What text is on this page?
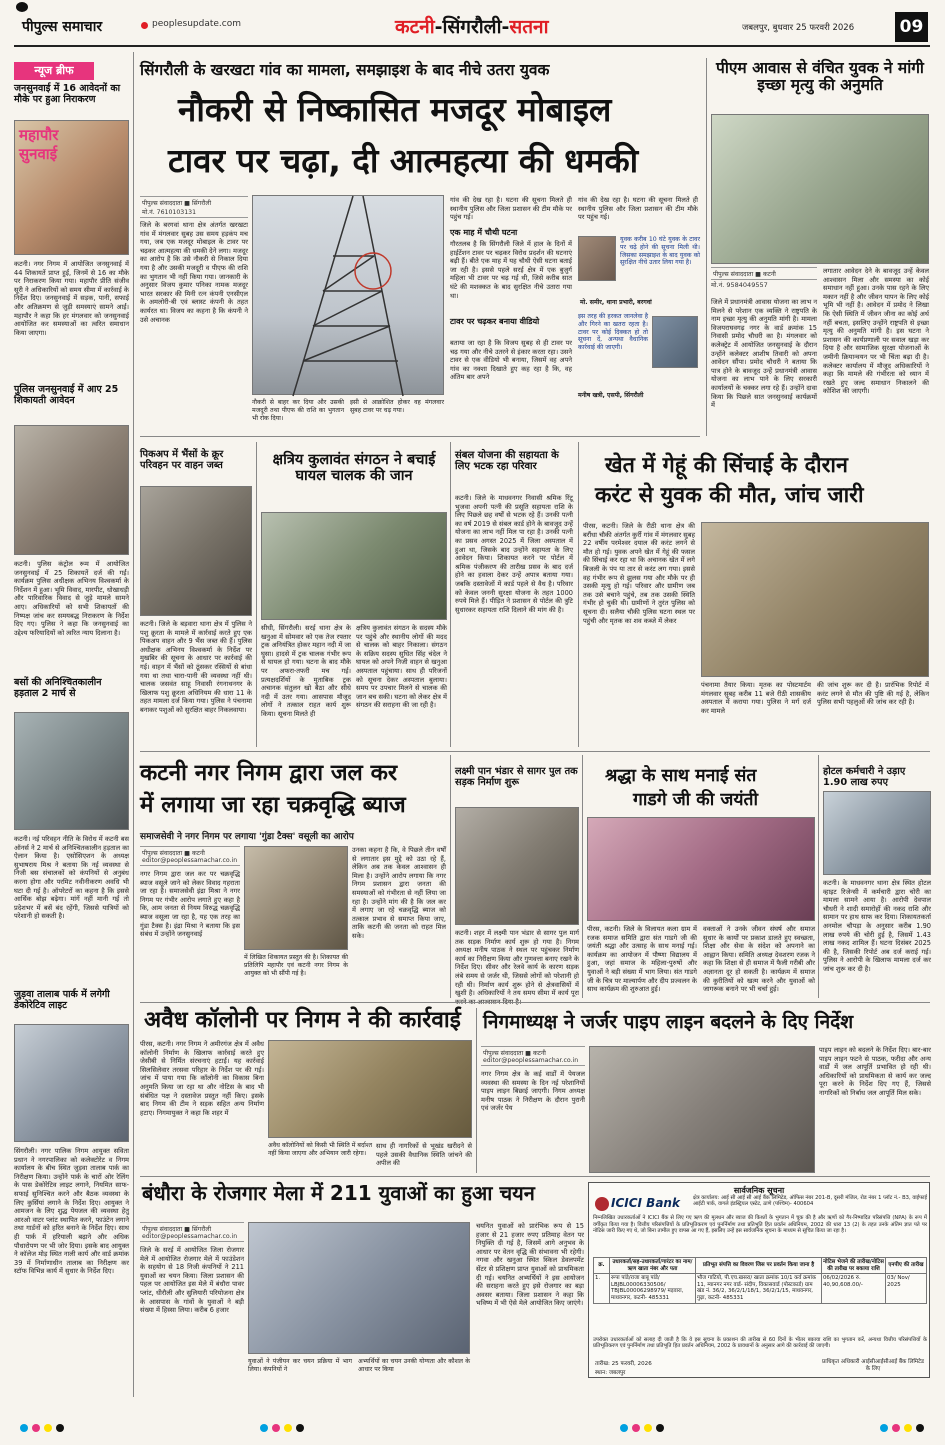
पीपुल्स समाचार	peoplesupdate.com	कटनी-सिंगरौली-सतना	जबलपुर, बुधवार 25 फरवरी 2026	09
न्यूज ब्रीफ
जनसुनवाई में 16 आवेदनों का मौके पर हुआ निराकरण
महापौर सुनवाई
कटनी। नगर निगम में आयोजित जनसुनवाई में 44 शिकायतें प्राप्त हुईं, जिनमें से 16 का मौके पर निराकरण किया गया। महापौर प्रीति संजीव सूरी ने अधिकारियों को समय सीमा में कार्रवाई के निर्देश दिए। जनसुनवाई में सड़क, पानी, सफाई और अतिक्रमण से जुड़ी समस्याएं सामने आईं। महापौर ने कहा कि हर मंगलवार को जनसुनवाई आयोजित कर समस्याओं का त्वरित समाधान किया जाएगा।
पुलिस जनसुनवाई में आए 25 शिकायती आवेदन
कटनी। पुलिस कंट्रोल रूम में आयोजित जनसुनवाई में 25 शिकायतें दर्ज की गईं। कार्यक्रम पुलिस अधीक्षक अभिनय विश्वकर्मा के निर्देशन में हुआ। भूमि विवाद, मारपीट, धोखाधड़ी और पारिवारिक विवाद से जुड़े मामले सामने आए। अधिकारियों को सभी शिकायतों की निष्पक्ष जांच कर समयबद्ध निराकरण के निर्देश दिए गए। पुलिस ने कहा कि जनसुनवाई का उद्देश्य फरियादियों को त्वरित न्याय दिलाना है।
बसों की अनिश्चितकालीन हड़ताल 2 मार्च से
कटनी। नई परिवहन नीति के विरोध में कटनी बस ऑनर्स ने 2 मार्च से अनिश्चितकालीन हड़ताल का ऐलान किया है। एसोसिएशन के अध्यक्ष सुभाषराय मिश्र ने बताया कि नई व्यवस्था से निजी बस संचालकों को कंपनियों से अनुबंध करना होगा और परमिट नवीनीकरण अवधि भी घटा दी गई है। ऑपरेटरों का कहना है कि इससे आर्थिक बोझ बढ़ेगा। मांगें नहीं मानी गईं तो प्रदेशभर में बसें बंद रहेंगी, जिससे यात्रियों को परेशानी हो सकती है।
जुड़वा तालाब पार्क में लगेगी डेकोरेटिव लाइट
सिंगरौली। नगर पालिक निगम आयुक्त सविता प्रधान ने नगरपालिका को कलेक्टोरेट व निगम कार्यालय के बीच स्थित जुड़वा तालाब पार्क का निरीक्षण किया। उन्होंने पार्क के चारों ओर रेलिंग के पास डेकोरेटिव लाइट लगाने, नियमित साफ-सफाई सुनिश्चित करने और बैठक व्यवस्था के लिए कुर्सियां लगाने के निर्देश दिए। आयुक्त ने आमजन के लिए शुद्ध पेयजल की व्यवस्था हेतु आरओ वाटर प्लांट स्थापित करने, फाउंटेन लगाने तथा गार्डनों को हरित बनाने के निर्देश दिए। साथ ही पार्क में हरियाली बढ़ाने और अधिक पौधारोपण पर भी जोर दिया। इसके बाद आयुक्त ने कॉलेज मोड़ स्थित नाली कार्य और वार्ड क्रमांक 39 में निर्माणाधीन तालाब का निरीक्षण कर स्टॉफ विभिन्न कार्य में सुधार के निर्देश दिए।
सिंगरौली के खरखटा गांव का मामला, समझाइश के बाद नीचे उतरा युवक
नौकरी से निष्कासित मजदूर मोबाइल
टावर पर चढ़ा, दी आत्महत्या की धमकी
पीपुल्स संवाददाता ■ सिंगरौली
मो.नं. 7610103131
जिले के बरगवां थाना क्षेत्र अंतर्गत खरखटा गांव में मंगलवार सुबह उस समय हड़कंप मच गया, जब एक मजदूर मोबाइल के टावर पर चढ़कर आत्महत्या की धमकी देने लगा। मजदूर का आरोप है कि उसे नौकरी से निकाल दिया गया है और उसकी मजदूरी व पीएफ की राशि का भुगतान भी नहीं किया गया। जानकारी के अनुसार विजय कुमार पनिका नामक मजदूर भारत सरकार की मिनी रत्न कंपनी एनसीएल के अमलोरी-बी एवं ब्लास्ट कंपनी के तहत कार्यरत था। विजय का कहना है कि कंपनी ने उसे अचानक
नौकरी से बाहर कर दिया और उसकी मजदूरी तथा पीएफ की राशि का भुगतान भी रोक दिया।
इसी से आक्रोशित होकर वह मंगलवार सुबह टावर पर चढ़ गया।
गांव की देख रहा है। घटना की सूचना मिलते ही स्थानीय पुलिस और जिला प्रशासन की टीम मौके पर पहुंच गई।
एक माह में चौथी घटना
गौरतलब है कि सिंगरौली जिले में हाल के दिनों में हाईटेंशन टावर पर चढ़कर विरोध प्रदर्शन की घटनाएं बढ़ी हैं। बीते एक माह में यह चौथी ऐसी घटना बताई जा रही है। इससे पहले सरई क्षेत्र में एक बुजुर्ग महिला भी टावर पर चढ़ गई थी, जिसे करीब सात घंटे की मशक्कत के बाद सुरक्षित नीचे उतारा गया था।
टावर पर चढ़कर बनाया वीडियो
बताया जा रहा है कि विजय सुबह से ही टावर पर चढ़ गया और नीचे उतरने से इंकार करता रहा। उसने टावर से एक वीडियो भी बनाया, जिसमें वह अपने गांव का नक्शा दिखाते हुए कह रहा है कि, वह अंतिम बार अपने
गांव की देख रहा है। घटना की सूचना मिलते ही स्थानीय पुलिस और जिला प्रशासन की टीम मौके पर पहुंच गई।
युवक करीब 10 घंटे युवक के टावर पर चढ़े होने की सूचना मिली थी। जिसका समझाइश के बाद युवक को सुरक्षित नीचे उतार लिया गया है।
मो. समीर, थाना प्रभारी, बरगवां
इस तरह की हरकत जानलेवा है और गिरने का खतरा रहता है। टावर पर कोई दिक्कत हो तो सूचना दें, अन्यथा वैधानिक कार्रवाई की जाएगी।
मनीष खत्री, एसपी, सिंगरौली
पीएम आवास से वंचित युवक ने मांगी इच्छा मृत्यु की अनुमति
पीपुल्स संवाददाता ■ कटनी
मो.नं. 9584049557
जिले में प्रधानमंत्री आवास योजना का लाभ न मिलने से परेशान एक व्यक्ति ने राष्ट्रपति के नाम इच्छा मृत्यु की अनुमति मांगी है। मामला विजयराघवगढ़ नगर के वार्ड क्रमांक 15 निवासी प्रमोद चौधरी का है। मंगलवार को कलेक्ट्रेट में आयोजित जनसुनवाई के दौरान उन्होंने कलेक्टर आशीष तिवारी को अपना आवेदन सौंपा। प्रमोद चौधरी ने बताया कि पात्र होने के बावजूद उन्हें प्रधानमंत्री आवास योजना का लाभ पाने के लिए सरकारी कार्यालयों के चक्कर लगा रहे हैं। उन्होंने दावा किया कि पिछले सात जनसुनवाई कार्यक्रमों में
लगातार आवेदन देने के बावजूद उन्हें केवल आश्वासन मिला और समस्या का कोई समाधान नहीं हुआ। उनके पास रहने के लिए मकान नहीं है और जीवन यापन के लिए कोई भूमि भी नहीं है। आवेदन में प्रमोद ने लिखा कि ऐसी स्थिति में जीवन जीना का कोई अर्थ नहीं बचता, इसलिए उन्होंने राष्ट्रपति से इच्छा मृत्यु की अनुमति मांगी है। इस घटना ने प्रशासन की कार्यप्रणाली पर सवाल खड़ा कर दिया है और सामाजिक सुरक्षा योजनाओं के जमीनी क्रियान्वयन पर भी चिंता बढ़ा दी है। कलेक्टर कार्यालय में मौजूद अधिकारियों ने कहा कि मामले की गंभीरता को ध्यान में रखते हुए जल्द समाधान निकालने की कोशिश की जाएगी।
पिकअप में भैंसों के क्रूर परिवहन पर वाहन जब्त
कटनी। जिले के बड़वारा थाना क्षेत्र में पुलिस ने पशु क्रूरता के मामले में कार्रवाई करते हुए एक पिकअप वाहन और 9 भैंस जब्त की हैं। पुलिस अधीक्षक अभिनय विश्वकर्मा के निर्देश पर मुखबिर की सूचना के आधार पर कार्रवाई की गई। वाहन में भैंसों को ठूंसकर रस्सियों से बांधा गया था तथा चारा-पानी की व्यवस्था नहीं थी। चालक जसवंत साहू निवासी रंगनाथनगर के खिलाफ पशु क्रूरता अधिनियम की धारा 11 के तहत मामला दर्ज किया गया। पुलिस ने पंचनामा बनाकर पशुओं को सुरक्षित बाहर निकलवाया।
क्षत्रिय कुलावंत संगठन ने बचाई घायल चालक की जान
सीधी, सिंगरौली। सरई थाना क्षेत्र के खनुआ में सोमवार को एक तेज रफ्तार ट्रक अनियंत्रित होकर महान नदी में जा घुसा। हादसे में ट्रक चालक गंभीर रूप से घायल हो गया। घटना के बाद मौके पर अफरा-तफरी मच गई। प्रत्यक्षदर्शियों के मुताबिक ट्रक अचानक संतुलन खो बैठा और सीधे नदी में उतर गया। आसपास मौजूद लोगों ने तत्काल राहत कार्य शुरू किया। सूचना मिलते ही
क्षत्रिय कुलावंत संगठन के सदस्य मौके पर पहुंचे और स्थानीय लोगों की मदद से चालक को बाहर निकाला। संगठन के सक्रिय सदस्य सुधित सिंह चंदेल ने घायल को अपने निजी वाहन से खनुआ अस्पताल पहुंचाया। साथ ही परिजनों को सूचना देकर अस्पताल बुलाया। समय पर उपचार मिलने से चालक की जान बच सकी। घटना को लेकर क्षेत्र में संगठन की सराहना की जा रही है।
संबल योजना की सहायता के लिए भटक रहा परिवार
कटनी। जिले के माधवनगर निवासी श्रमिक रिंटू भुजवा अपनी पत्नी की प्रसूति सहायता राशि के लिए पिछले छह वर्षों से भटक रहे हैं। उनकी पत्नी का वर्ष 2019 से संबल कार्ड होने के बावजूद उन्हें योजना का लाभ नहीं मिल पा रहा है। उनकी पत्नी का प्रसव अगस्त 2025 में जिला अस्पताल में हुआ था, जिसके बाद उन्होंने सहायता के लिए आवेदन किया। शिकायत करने पर पोर्टल में श्रमिक पंजीकरण की तारीख प्रसव के बाद दर्ज होने का हवाला देकर उन्हें अपात्र बताया गया। जबकि दस्तावेजों में कार्ड पहले से वैध है। परिवार को केवल जननी सुरक्षा योजना के तहत 1000 रुपये मिले हैं। पीड़ित ने प्रशासन से पोर्टल की त्रुटि सुधारकर सहायता राशि दिलाने की मांग की है।
खेत में गेहूं की सिंचाई के दौरान
करंट से युवक की मौत, जांच जारी
पीरस, कटनी। जिले के रीठी थाना क्षेत्र की बरौंधा चौकी अंतर्गत कुर्री गांव में मंगलवार सुबह 22 वर्षीय परमेश्वर दयाल की करंट लगने से मौत हो गई। युवक अपने खेत में गेहूं की फसल की सिंचाई कर रहा था कि अचानक खेत में लगे बिजली के पंप या तार से करंट लग गया। इससे वह गंभीर रूप से झुलस गया और मौके पर ही उसकी मृत्यु हो गई। परिवार और ग्रामीण जब तक उसे बचाने पहुंचे, तब तक उसकी स्थिति गंभीर हो चुकी थी। ग्रामीणों ने तुरंत पुलिस को सूचना दी। सलैया चौकी पुलिस घटना स्थल पर पहुंची और मृतक का शव कब्जे में लेकर
पंचनामा तैयार किया। मृतक का पोस्टमार्टम मंगलवार सुबह करीब 11 बजे रीठी शासकीय अस्पताल में कराया गया। पुलिस ने मर्ग दर्ज कर मामले
की जांच शुरू कर दी है। प्रारंभिक रिपोर्ट में करंट लगने से मौत की पुष्टि की गई है, लेकिन पुलिस सभी पहलुओं की जांच कर रही है।
कटनी नगर निगम द्वारा जल कर
में लगाया जा रहा चक्रवृद्धि ब्याज
समाजसेवी ने नगर निगम पर लगाया 'गुंडा टैक्स' वसूली का आरोप
पीपुल्स संवाददाता ■ कटनी
editor@peoplessamachar.co.in
नगर निगम द्वारा जल कर पर चक्रवृद्धि ब्याज वसूले जाने को लेकर विवाद गहराता जा रहा है। समाजसेवी इंद्रा मिश्रा ने नगर निगम पर गंभीर आरोप लगाते हुए कहा है कि, आम जनता से नियम विरुद्ध चक्रवृद्धि ब्याज वसूला जा रहा है, यह एक तरह का गुंडा टैक्स है। इंद्रा मिश्रा ने बताया कि इस संबंध में उन्होंने जनसुनवाई
में लिखित शिकायत प्रस्तुत की है। शिकायत की प्रतिलिपि महापौर एवं कटनी नगर निगम के आयुक्त को भी सौंपी गई है।
उनका कहना है कि, वे पिछले तीन वर्षों से लगातार इस मुद्दे को उठा रहे हैं, लेकिन अब तक केवल आश्वासन ही मिला है। उन्होंने आरोप लगाया कि नगर निगम प्रशासन द्वारा जनता की समस्याओं को गंभीरता से नहीं लिया जा रहा है। उन्होंने मांग की है कि जल कर में लगाए जा रहे चक्रवृद्धि ब्याज को तत्काल प्रभाव से समाप्त किया जाए, ताकि कटनी की जनता को राहत मिल सके।
लक्ष्मी पान भंडार से सागर पुल तक सड़क निर्माण शुरू
कटनी। शहर में लक्ष्मी पान भंडार से सागर पुल मार्ग तक सड़क निर्माण कार्य शुरू हो गया है। निगम अध्यक्ष मनीष पाठक ने स्थल पर पहुंचकर निर्माण कार्य का निरीक्षण किया और गुणवत्ता बनाए रखने के निर्देश दिए। सीवर और रेलवे कार्य के कारण सड़क लंबे समय से जर्जर थी, जिससे लोगों को परेशानी हो रही थी। निर्माण कार्य शुरू होने से क्षेत्रवासियों में खुशी है। अधिकारियों ने तय समय सीमा में कार्य पूरा
श्रद्धा के साथ मनाई संत
गाडगे जी की जयंती
पीरस, कटनी। जिले के विलायत कला ग्राम में रजक समाज समिति द्वारा संत गाडगे जी की जयंती श्रद्धा और उत्साह के साथ मनाई गई। कार्यक्रम का आयोजन में पौष्णा विद्यालय में हुआ, जहां समाज के महिला-पुरुषों और युवाओं ने बड़ी संख्या में भाग लिया। संत गाडगे जी के चित्र पर माल्यार्पण और दीप प्रज्वलन के साथ कार्यक्रम की शुरुआत हुई।
वक्ताओं ने उनके जीवन संघर्ष और समाज सुधार के कार्यों पर प्रकाश डालते हुए स्वच्छता, शिक्षा और सेवा के संदेश को अपनाने का आह्वान किया। समिति अध्यक्ष देवशरण रजक ने कहा कि शिक्षा से ही समाज में फैली गरीबी और अज्ञानता दूर हो सकती है। कार्यक्रम में समाज की कुरीतियों को खत्म करने और युवाओं को जागरूक बनाने पर भी चर्चा हुई।
होटल कर्मचारी ने उड़ाए 1.90 लाख रुपए
कटनी। के माधवनगर थाना क्षेत्र स्थित होटल व्हाइट रिजेन्सी में कर्मचारी द्वारा चोरी का मामला सामने आया है। आरोपी देवपाल चौधरी ने शादी समारोहों की नकद राशि और सामान पर हाथ साफ कर दिया। शिकायतकर्ता अनमोल चौपड़ा के अनुसार करीब 1.90 लाख रुपये की चोरी हुई है, जिसमें 1.43 लाख नकद शामिल हैं। घटना दिसंबर 2025 की है, जिसकी रिपोर्ट अब दर्ज कराई गई। पुलिस ने आरोपी के खिलाफ मामला दर्ज कर जांच शुरू कर दी है।
अवैध कॉलोनी पर निगम ने की कार्रवाई
पीरस, कटनी। नगर निगम ने अमीरगंज क्षेत्र में अवैध कॉलोनी निर्माण के खिलाफ कार्रवाई करते हुए जेसीबी से निर्मित संरचनाएं हटाईं। यह कार्रवाई सिलसिलेवार तरसवा परिहार के निर्देश पर की गई। जांच में पाया गया कि कॉलोनी का विकास बिना अनुमति किया जा रहा था और नोटिस के बाद भी संबंधित पक्ष ने दस्तावेज प्रस्तुत नहीं किए। इसके बाद निगम की टीम ने सड़क सहित अन्य निर्माण हटाए। निगमायुक्त ने कहा कि शहर में
अवैध कॉलोनियों को किसी भी स्थिति में बर्दाश्त नहीं किया जाएगा और अभियान जारी रहेगा।
साथ ही नागरिकों से भूखंड खरीदने से पहले उसकी वैधानिक स्थिति जांचने की अपील की
निगमाध्यक्ष ने जर्जर पाइप लाइन बदलने के दिए निर्देश
पीपुल्स संवाददाता ■ कटनी
editor@peoplessamachar.co.in
नगर निगम क्षेत्र के कई वार्डों में पेयजल व्यवस्था की समस्या के दिन नई परेशानियों पाइप लाइन बिछाई जाएगी। निगम अध्यक्ष मनीष पाठक ने निरीक्षण के दौरान पुरानी एवं जर्जर पेय
पाइप लाइन को बदलने के निर्देश दिए। बार-बार पाइप लाइन फटने से पाठक, फरीदा और अन्य वार्डों में जल आपूर्ति प्रभावित हो रही थी। अधिकारियों को प्राथमिकता से कार्य कर जल्द पूरा करने के निर्देश दिए गए हैं, जिससे नागरिकों को निर्बाध जल आपूर्ति मिल सके।
बंधौरा के रोजगार मेला में 211 युवाओं का हुआ चयन
पीपुल्स संवाददाता ■ सिंगरौली
editor@peoplessamachar.co.in
जिले के सरई में आयोजित जिला रोजगार मेले में आयोजित रोजगार मेले में फाउंडेशन के सहयोग से 18 निजी कंपनियों ने 211 युवाओं का चयन किया। जिला प्रशासन की पहल पर आयोजित इस मेले में बंधौरा पावर प्लांट, धीरौली और सुलियारी परियोजना क्षेत्र के आसपास के गांवों के युवाओं ने बड़ी संख्या में हिस्सा लिया। करीब 6 हजार
युवाओं ने पंजीयन कर चयन प्रक्रिया में भाग लिया। कंपनियों ने
अभ्यर्थियों का चयन उनकी योग्यता और कौशल के आधार पर किया
चयनित युवाओं को प्रारंभिक रूप से 15 हजार से 21 हजार रुपए प्रतिमाह वेतन पर नियुक्ति दी गई है, जिसमें आगे अनुभव के आधार पर वेतन वृद्धि की संभावना भी रहेगी। नगवा और खनुआ स्थित स्किल डेवलपमेंट सेंटर से प्रशिक्षण प्राप्त युवाओं को प्राथमिकता दी गई। चयनित अभ्यर्थियों ने इस आयोजन की सराहना करते हुए इसे रोजगार का बड़ा अवसर बताया। जिला प्रशासन ने कहा कि भविष्य में भी ऐसे मेले आयोजित किए जाएंगे।
सार्वजनिक सूचना
ICICI Bank	क्षेत्र कार्यालय: आई सी आई सी आई बैंक लिमिटेड, ऑफिस नंबर 201-B, दूसरी मंजिल, रोड नंबर 1 प्लॉट नं.- B3, वाईफाई आईटी पार्क, वागले इंडस्ट्रियल एस्टेट, ठाणे (पश्चिम)- 400604
निम्नलिखित उधारकर्ताओं ने ICICI बैंक से लिए गए ऋण की मूलधन और ब्याज की किश्तों के भुगतान में चूक की है और ऋणों को गैर-निष्पादित परिसंपत्ति (NPA) के रूप में वर्गीकृत किया गया है। वित्तीय परिसंपत्तियों के प्रतिभूतिकरण एवं पुनर्निर्माण तथा प्रतिभूति हित प्रवर्तन अधिनियम, 2002 की धारा 13 (2) के तहत उनके अंतिम ज्ञात पते पर नोटिस जारी किए गए थे, जो बिना तामील हुए वापस आ गए हैं, इसलिए उन्हें इस सार्वजनिक सूचना के माध्यम से सूचित किया जा रहा है।
क्र.	उधारकर्ता/सह-उधारकर्ता/गारंटर का नाम/ऋण खाता नंबर और पता	प्रतिभूत संपत्ति का विवरण जिस पर प्रवर्तन किया जाना है	नोटिस भेजने की तारीख/नोटिस की तारीख पर बकाया राशि	एनपीए की तारीख
1.	रूपा पांडे/राजा बाबू पांडे/ LBJBL00006330506/ TBJBL00006298979/ मड़वारा, माधवनगर, कटनी- 485331	भौज गाटियो, पी.एच.खसरा/ खाता क्रमांक 10/1 कर्व क्रमांक 11, म्यानगर नगर वार्ड- संदीप, विकासवार्ड (पोस्टकार्ड) ग्राम खंड नं. 36/2, 36/2/1/18/1, 36/2/1/15, माधवनगर, गुढ़ा, कटनी- 485331	06/02/2026 रु. 40,90,608.00/-	03/ Nov/ 2025
उपरोक्त उधारकर्ताओं को सलाह दी जाती है कि वे इस सूचना के प्रकाशन की तारीख से 60 दिनों के भीतर बकाया राशि का भुगतान करें, अन्यथा वित्तीय परिसंपत्तियों के प्रतिभूतिकरण एवं पुनर्निर्माण तथा प्रतिभूति हित प्रवर्तन अधिनियम, 2002 के प्रावधानों के अनुसार आगे की कार्रवाई की जाएगी।
तारीख: 25 फरवरी, 2026
स्थान: जबलपुर
प्राधिकृत अधिकारी आईसीआईसीआई बैंक लिमिटेड के लिए
